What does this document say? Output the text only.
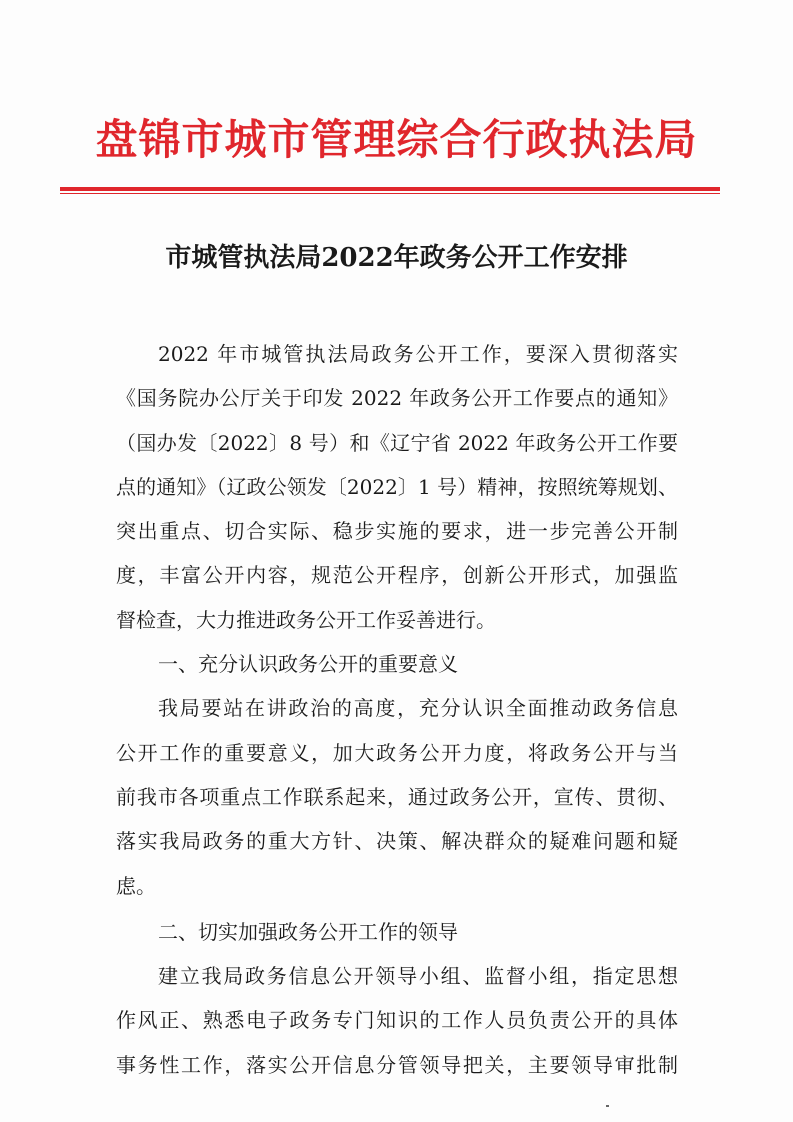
盘锦市城市管理综合行政执法局
市城管执法局2022年政务公开工作安排

2022 年市城管执法局政务公开工作，要深入贯彻落实
《国务院办公厅关于印发 2022 年政务公开工作要点的通知》
（国办发〔2022〕8 号）和《辽宁省 2022 年政务公开工作要
点的通知》（辽政公领发〔2022〕1 号）精神，按照统筹规划、
突出重点、切合实际、稳步实施的要求，进一步完善公开制
度，丰富公开内容，规范公开程序，创新公开形式，加强监
督检查，大力推进政务公开工作妥善进行。

一、充分认识政务公开的重要意义

我局要站在讲政治的高度，充分认识全面推动政务信息
公开工作的重要意义，加大政务公开力度，将政务公开与当
前我市各项重点工作联系起来，通过政务公开，宣传、贯彻、
落实我局政务的重大方针、决策、解决群众的疑难问题和疑
虑。

二、切实加强政务公开工作的领导

建立我局政务信息公开领导小组、监督小组，指定思想
作风正、熟悉电子政务专门知识的工作人员负责公开的具体
事务性工作，落实公开信息分管领导把关，主要领导审批制
